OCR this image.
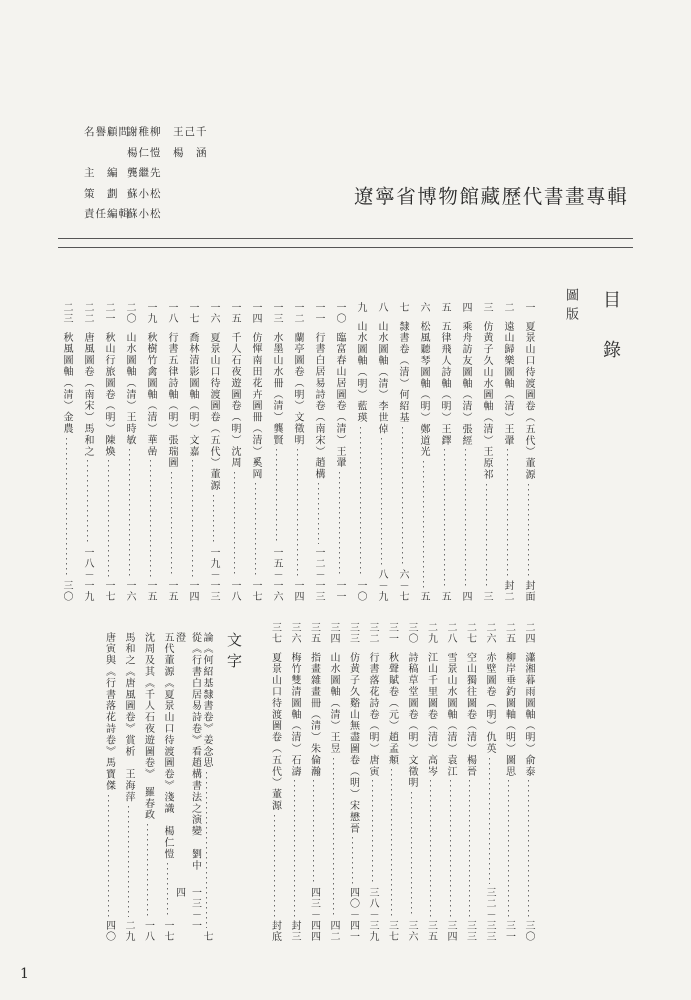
名譽顧問
謝稚柳　王己千
楊仁愷　楊　涵
主　編 龔繼先
策　劃 蘇小松
責任編輯
蘇小松
遼寧省博物館藏歷代書畫專輯
目錄
圖版
一
夏景山口待渡圖卷（五代）董源
封面
二
遠山歸樂圖軸（清）王翬
封二
三
仿黄子久山水圖軸（清）王原祁
三
四
乘舟訪友圖軸（清）張經
四
五
五律飛人詩軸（明）王鐸
五
六
松風聽琴圖軸（明）鄭道光
五
七
隸書卷（清）何紹基
六－七
八
山水圖軸（清）李世倬
八－九
九
山水圖軸（明）藍瑛
一〇
一〇
臨富春山居圖卷（清）王翬
一一
一一
行書白居易詩卷（南宋）趙構
一二－一三
一二
蘭亭圖卷（明）文徵明
一四
一三
水墨山水冊（清）龔賢
一五－一六
一四
仿惲南田花卉圖冊（清）奚岡
一七
一五
千人石夜遊圖卷（明）沈周
一八
一六
夏景山口待渡圖卷（五代）董源
一九－一三
一七
喬林清影圖軸（明）文嘉
一四
一八
行書五律詩軸（明）張瑞圖
一五
一九
秋樹竹禽圖軸（清）華喦
一五
二〇
山水圖軸（清）王時敏
一六
二一
秋山行旅圖卷（明）陳煥
一七
二二
唐風圖卷（南宋）馬和之
一八－一九
二三
秋風圖軸（清）金農
三〇
二四
瀟湘暮雨圖軸（明）俞泰
三〇
二五
柳岸垂釣圖軸（明）圖思
三一
二六
赤壁圖卷（明）仇英
三二－三三
二七
空山獨往圖卷（清）楊晉
三三
二八
雪景山水圖軸（清）袁江
三四
二九
江山千里圖卷（清）高岑
三五
三〇
詩稿草堂圖卷（明）文徵明
三六
三一
秋聲賦卷（元）趙孟頫
三七
三二
行書落花詩卷（明）唐寅
三八－三九
三三
仿黄子久谿山無盡圖卷（明）宋懋晉
四〇－四一
三四
山水圖軸（清）王昱
四二
三五
指畫雜畫冊（清）朱倫瀚
四三－四四
三六
梅竹雙清圖軸（清）石濤
封三
三七
夏景山口待渡圖卷（五代）董源
封底
文字
論《何紹基隸書卷》姜念思
七
從《行書白居易詩卷》看趙構書法之演變　劉中澄
一三－一四
五代董源《夏景山口待渡圖卷》淺識　楊仁愷
一七
沈周及其《千人石夜遊圖卷》　羅春政
一八
馬和之《唐風圖卷》賞析　王海萍
二九
唐寅與《行書落花詩卷》馬寶傑
四〇
1
